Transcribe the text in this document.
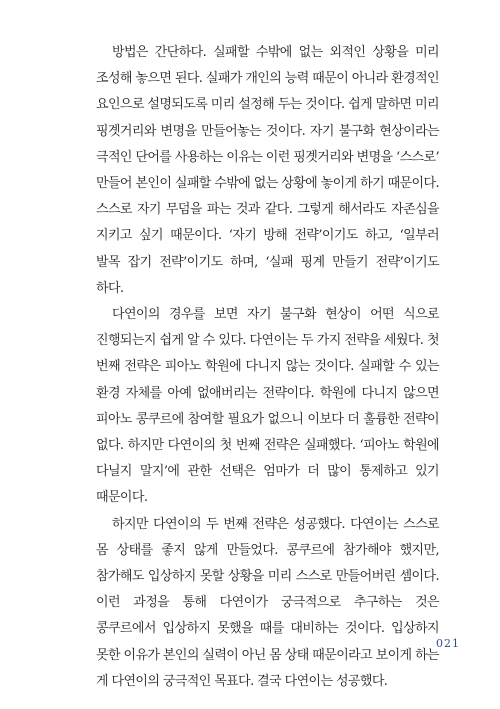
방법은 간단하다. 실패할 수밖에 없는 외적인 상황을 미리 조성해 놓으면 된다. 실패가 개인의 능력 때문이 아니라 환경적인 요인으로 설명되도록 미리 설정해 두는 것이다. 쉽게 말하면 미리 핑곗거리와 변명을 만들어놓는 것이다. 자기 불구화 현상이라는 극적인 단어를 사용하는 이유는 이런 핑곗거리와 변명을 ‘스스로’ 만들어 본인이 실패할 수밖에 없는 상황에 놓이게 하기 때문이다. 스스로 자기 무덤을 파는 것과 같다. 그렇게 해서라도 자존심을 지키고 싶기 때문이다. ‘자기 방해 전략’이기도 하고, ‘일부러 발목 잡기 전략’이기도 하며, ‘실패 핑계 만들기 전략’이기도 하다.

다연이의 경우를 보면 자기 불구화 현상이 어떤 식으로 진행되는지 쉽게 알 수 있다. 다연이는 두 가지 전략을 세웠다. 첫 번째 전략은 피아노 학원에 다니지 않는 것이다. 실패할 수 있는 환경 자체를 아예 없애버리는 전략이다. 학원에 다니지 않으면 피아노 콩쿠르에 참여할 필요가 없으니 이보다 더 훌륭한 전략이 없다. 하지만 다연이의 첫 번째 전략은 실패했다. ‘피아노 학원에 다닐지 말지’에 관한 선택은 엄마가 더 많이 통제하고 있기 때문이다.

하지만 다연이의 두 번째 전략은 성공했다. 다연이는 스스로 몸 상태를 좋지 않게 만들었다. 콩쿠르에 참가해야 했지만, 참가해도 입상하지 못할 상황을 미리 스스로 만들어버린 셈이다. 이런 과정을 통해 다연이가 궁극적으로 추구하는 것은 콩쿠르에서 입상하지 못했을 때를 대비하는 것이다. 입상하지 못한 이유가 본인의 실력이 아닌 몸 상태 때문이라고 보이게 하는 게 다연이의 궁극적인 목표다. 결국 다연이는 성공했다.

021
